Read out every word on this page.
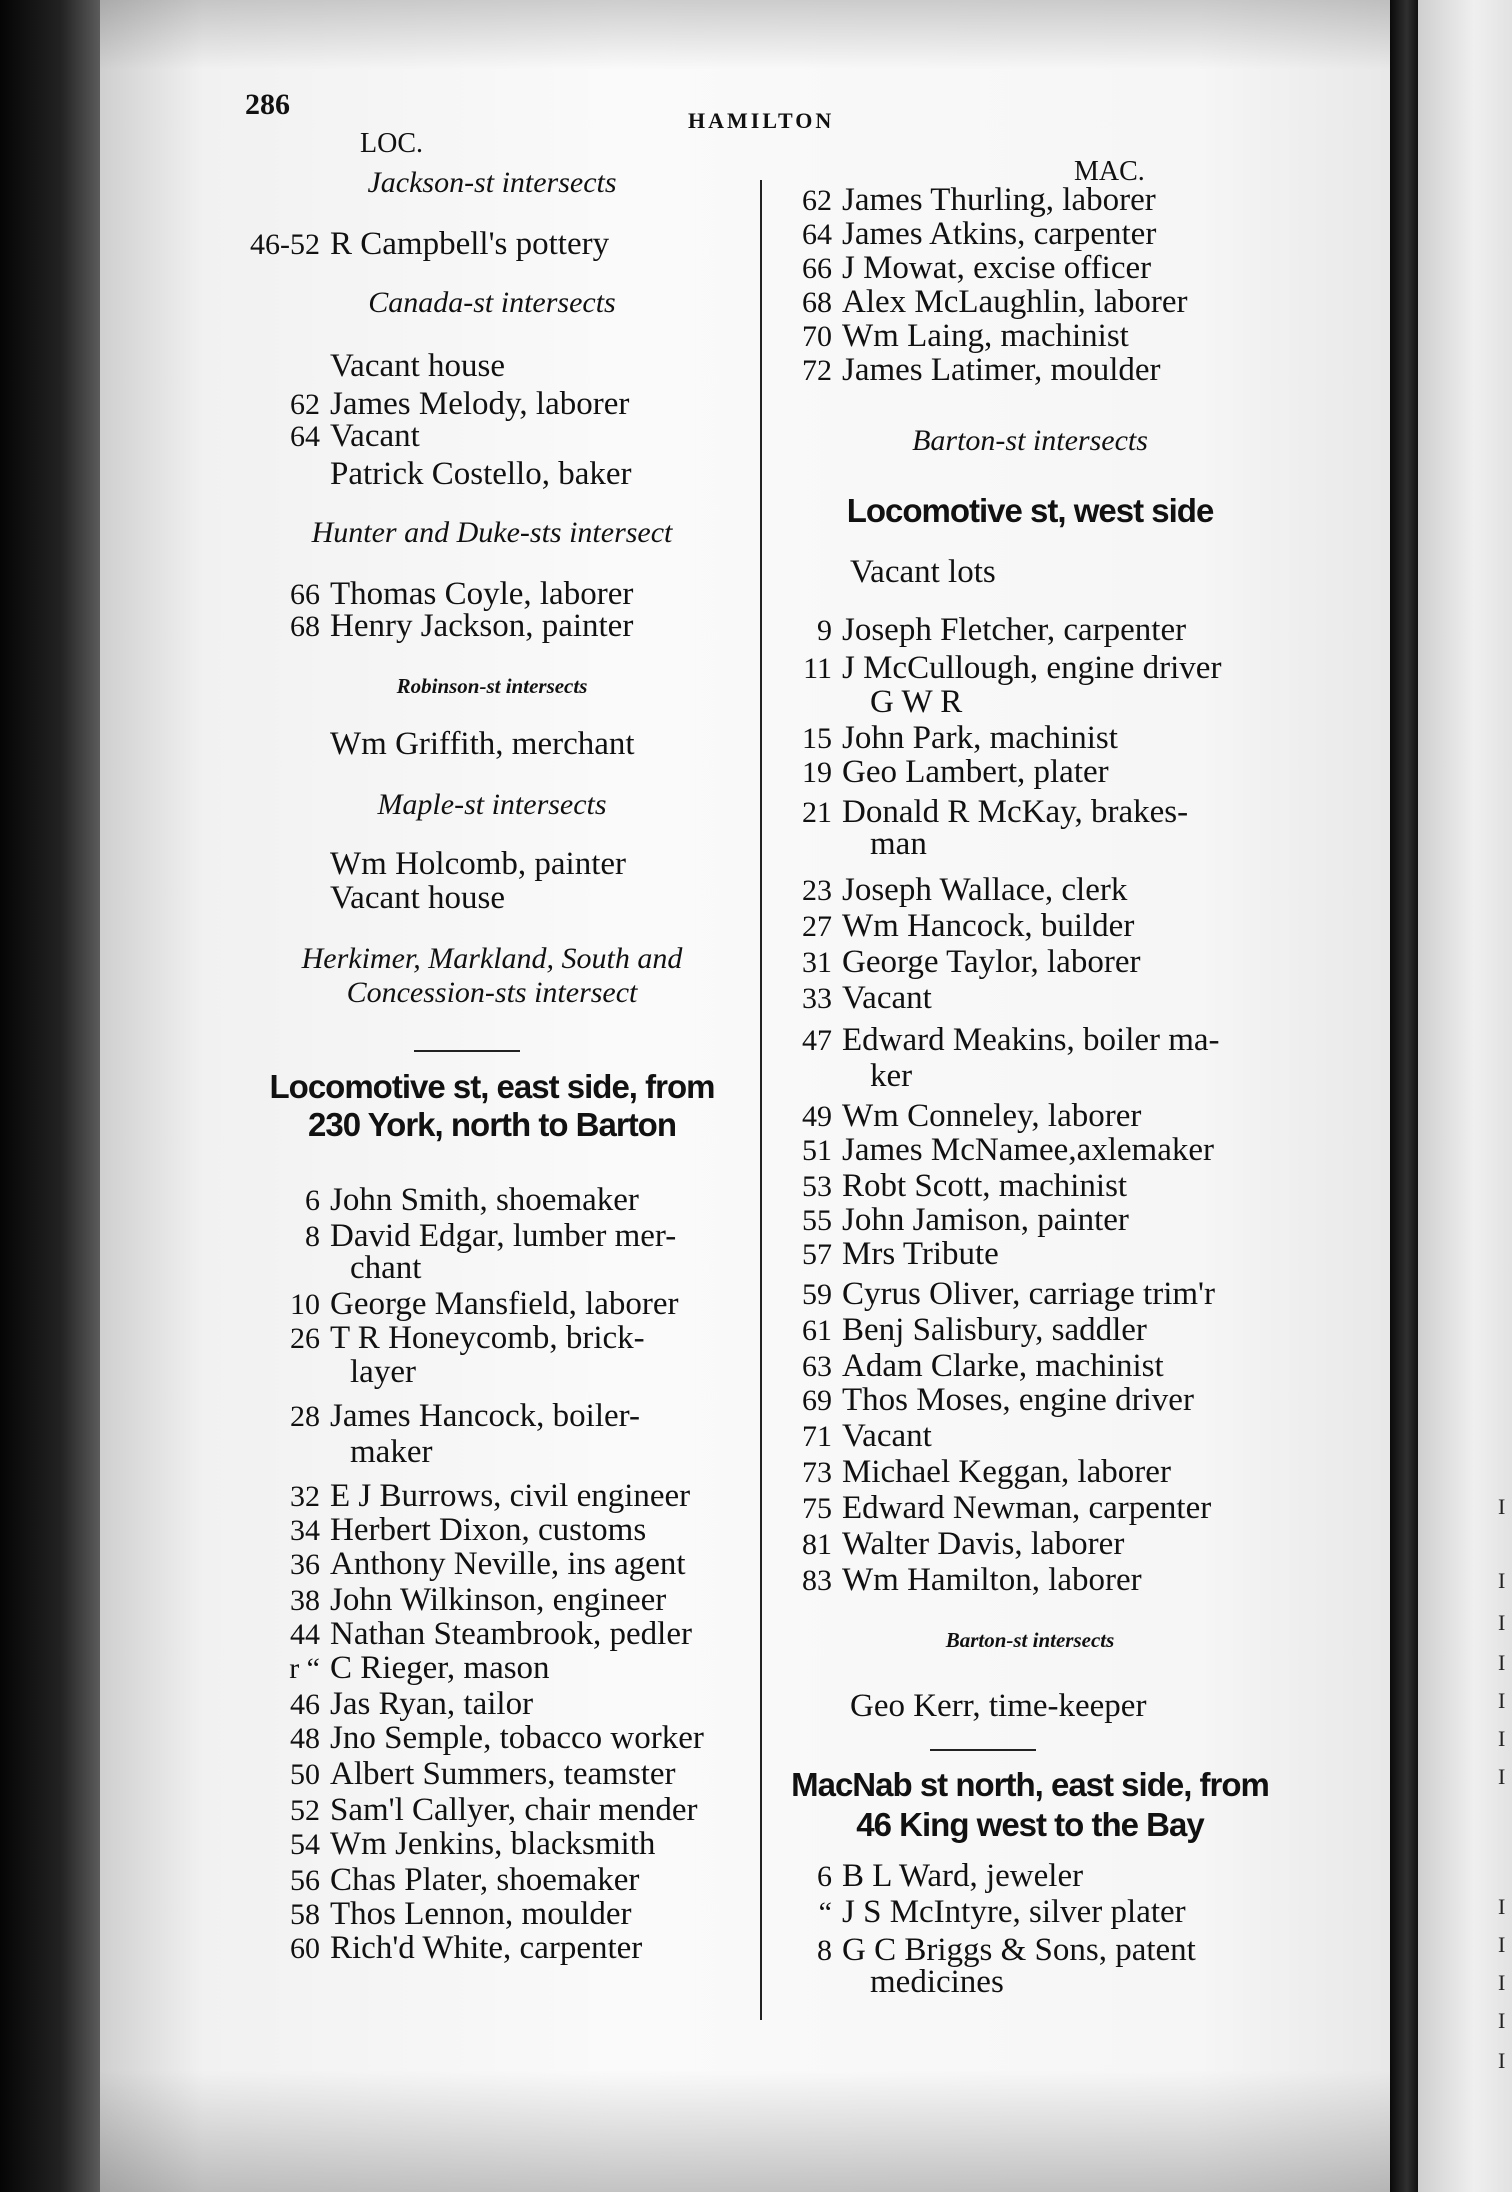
286	HAMILTON
LOC.
MAC.
Jackson-st intersects
46-52 R Campbell's pottery
Canada-st intersects
Vacant house
62 James Melody, laborer
64 Vacant
Patrick Costello, baker
Hunter and Duke-sts intersect
66 Thomas Coyle, laborer
68 Henry Jackson, painter
Robinson-st intersects
Wm Griffith, merchant
Maple-st intersects
Wm Holcomb, painter
Vacant house
Herkimer, Markland, South and
Concession-sts intersect
Locomotive st, east side, from
230 York, north to Barton
6 John Smith, shoemaker
8 David Edgar, lumber mer-
chant
10 George Mansfield, laborer
26 T R Honeycomb, brick-
layer
28 James Hancock, boiler-
maker
32 E J Burrows, civil engineer
34 Herbert Dixon, customs
36 Anthony Neville, ins agent
38 John Wilkinson, engineer
44 Nathan Steambrook, pedler
r “ C Rieger, mason
46 Jas Ryan, tailor
48 Jno Semple, tobacco worker
50 Albert Summers, teamster
52 Sam'l Callyer, chair mender
54 Wm Jenkins, blacksmith
56 Chas Plater, shoemaker
58 Thos Lennon, moulder
60 Rich'd White, carpenter
62 James Thurling, laborer
64 James Atkins, carpenter
66 J Mowat, excise officer
68 Alex McLaughlin, laborer
70 Wm Laing, machinist
72 James Latimer, moulder
Barton-st intersects
Locomotive st, west side
Vacant lots
9 Joseph Fletcher, carpenter
11 J McCullough, engine driver
G W R
15 John Park, machinist
19 Geo Lambert, plater
21 Donald R McKay, brakes-
man
23 Joseph Wallace, clerk
27 Wm Hancock, builder
31 George Taylor, laborer
33 Vacant
47 Edward Meakins, boiler ma-
ker
49 Wm Conneley, laborer
51 James McNamee,axlemaker
53 Robt Scott, machinist
55 John Jamison, painter
57 Mrs Tribute
59 Cyrus Oliver, carriage trim'r
61 Benj Salisbury, saddler
63 Adam Clarke, machinist
69 Thos Moses, engine driver
71 Vacant
73 Michael Keggan, laborer
75 Edward Newman, carpenter
81 Walter Davis, laborer
83 Wm Hamilton, laborer
Barton-st intersects
Geo Kerr, time-keeper
MacNab st north, east side, from
46 King west to the Bay
6 B L Ward, jeweler
“ J S McIntyre, silver plater
8 G C Briggs & Sons, patent
medicines
I
I
I
I
I
I
I
I
I
I
I
I
